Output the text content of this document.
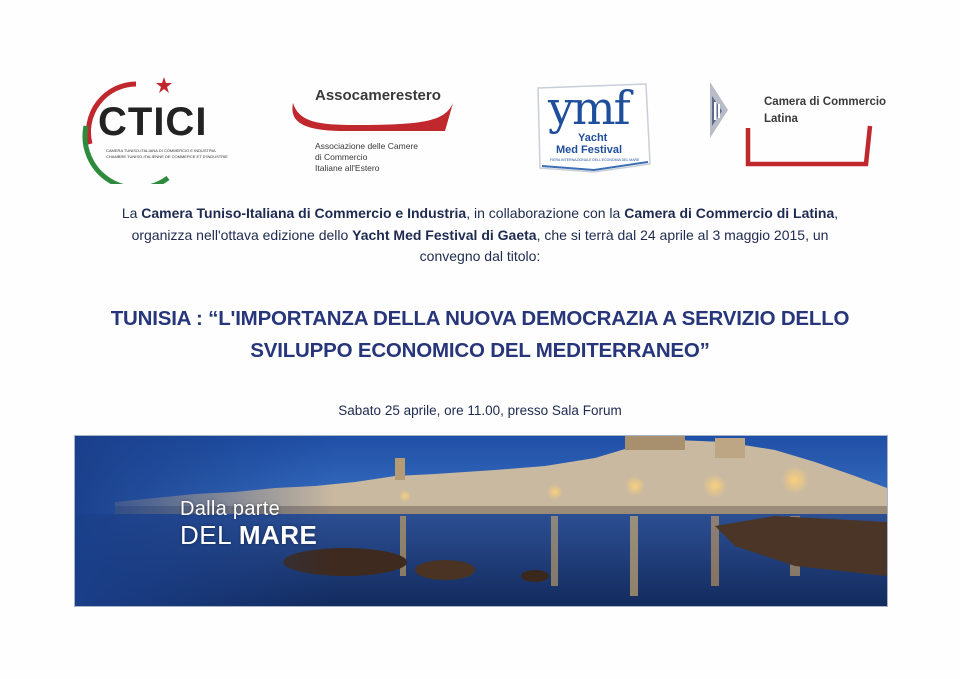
CTICI
CAMERA TUNISO-ITALIANA DI COMMERCIO E INDUSTRIA
CHAMBRE TUNISO-ITALIENNE DE COMMERCE ET D'INDUSTRIE
Assocamerestero
Associazione delle Camere
di Commercio
Italiane all'Estero
ymf
Yacht
Med Festival
FIERA INTERNAZIONALE DELL'ECONOMIA DEL MARE
Camera di Commercio
Latina
La Camera Tuniso-Italiana di Commercio e Industria, in collaborazione con la Camera di Commercio di Latina,
organizza nell'ottava edizione dello Yacht Med Festival di Gaeta, che si terrà dal 24 aprile al 3 maggio 2015, un
convegno dal titolo:
TUNISIA : “L'IMPORTANZA DELLA NUOVA DEMOCRAZIA A SERVIZIO DELLO
SVILUPPO ECONOMICO DEL MEDITERRANEO”
Sabato 25 aprile, ore 11.00, presso Sala Forum
Dalla parte
DEL MARE
